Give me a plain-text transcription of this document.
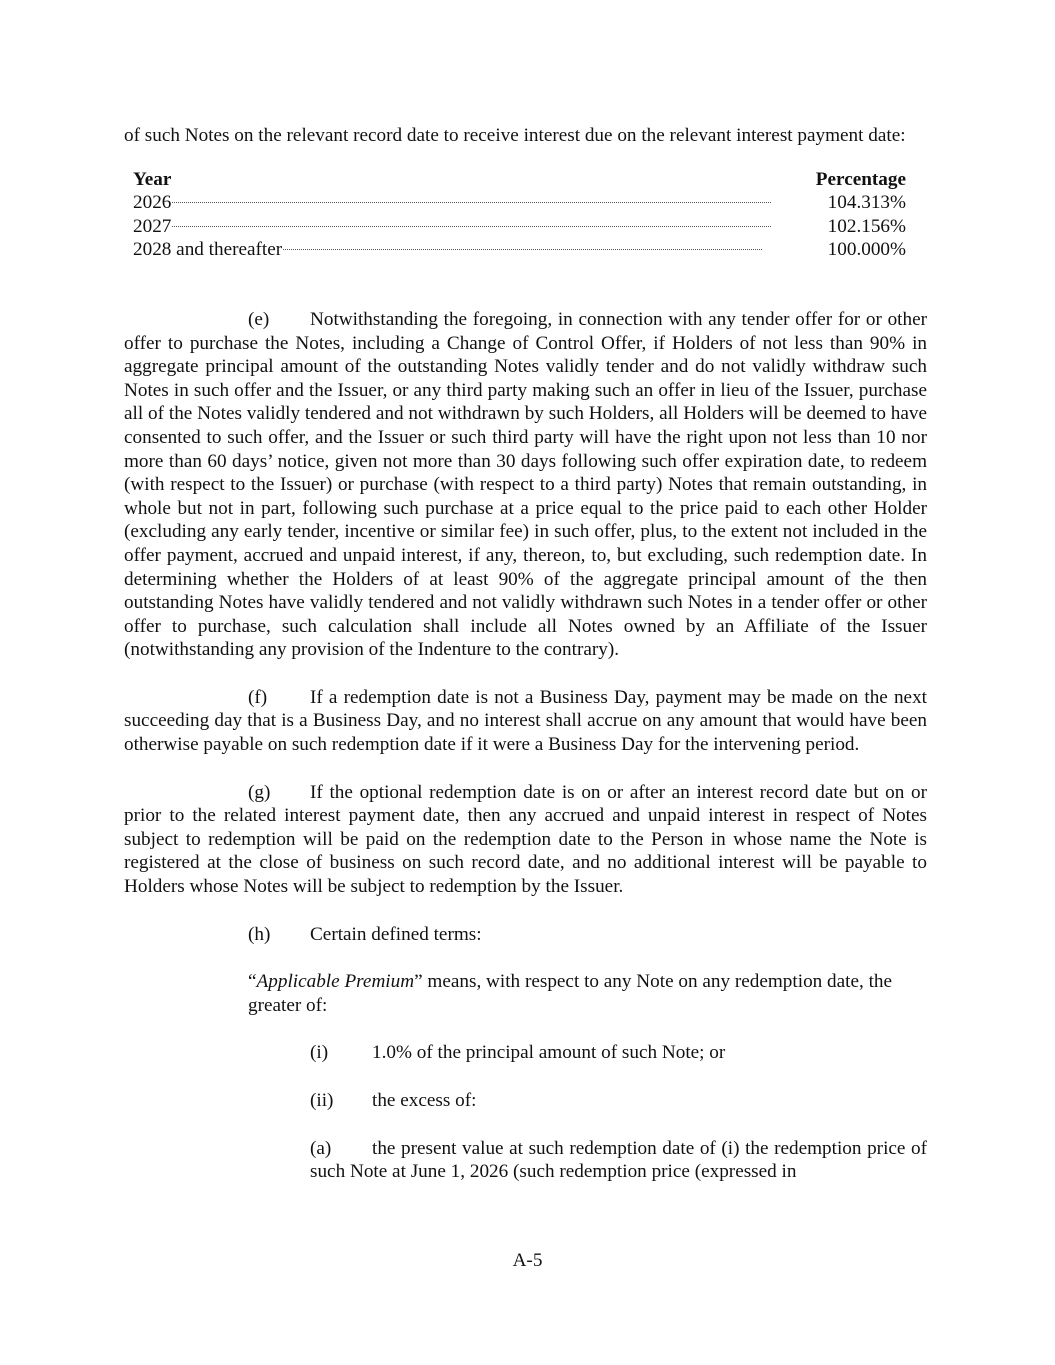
of such Notes on the relevant record date to receive interest due on the relevant interest payment date:

Year	Percentage
2026	104.313%
2027	102.156%
2028 and thereafter	100.000%

(e) Notwithstanding the foregoing, in connection with any tender offer for or other offer to purchase the Notes, including a Change of Control Offer, if Holders of not less than 90% in aggregate principal amount of the outstanding Notes validly tender and do not validly withdraw such Notes in such offer and the Issuer, or any third party making such an offer in lieu of the Issuer, purchase all of the Notes validly tendered and not withdrawn by such Holders, all Holders will be deemed to have consented to such offer, and the Issuer or such third party will have the right upon not less than 10 nor more than 60 days’ notice, given not more than 30 days following such offer expiration date, to redeem (with respect to the Issuer) or purchase (with respect to a third party) Notes that remain outstanding, in whole but not in part, following such purchase at a price equal to the price paid to each other Holder (excluding any early tender, incentive or similar fee) in such offer, plus, to the extent not included in the offer payment, accrued and unpaid interest, if any, thereon, to, but excluding, such redemption date. In determining whether the Holders of at least 90% of the aggregate principal amount of the then outstanding Notes have validly tendered and not validly withdrawn such Notes in a tender offer or other offer to purchase, such calculation shall include all Notes owned by an Affiliate of the Issuer (notwithstanding any provision of the Indenture to the contrary).

(f) If a redemption date is not a Business Day, payment may be made on the next succeeding day that is a Business Day, and no interest shall accrue on any amount that would have been otherwise payable on such redemption date if it were a Business Day for the intervening period.

(g) If the optional redemption date is on or after an interest record date but on or prior to the related interest payment date, then any accrued and unpaid interest in respect of Notes subject to redemption will be paid on the redemption date to the Person in whose name the Note is registered at the close of business on such record date, and no additional interest will be payable to Holders whose Notes will be subject to redemption by the Issuer.

(h) Certain defined terms:

“Applicable Premium” means, with respect to any Note on any redemption date, the greater of:

(i) 1.0% of the principal amount of such Note; or

(ii) the excess of:

(a) the present value at such redemption date of (i) the redemption price of such Note at June 1, 2026 (such redemption price (expressed in

A-5
